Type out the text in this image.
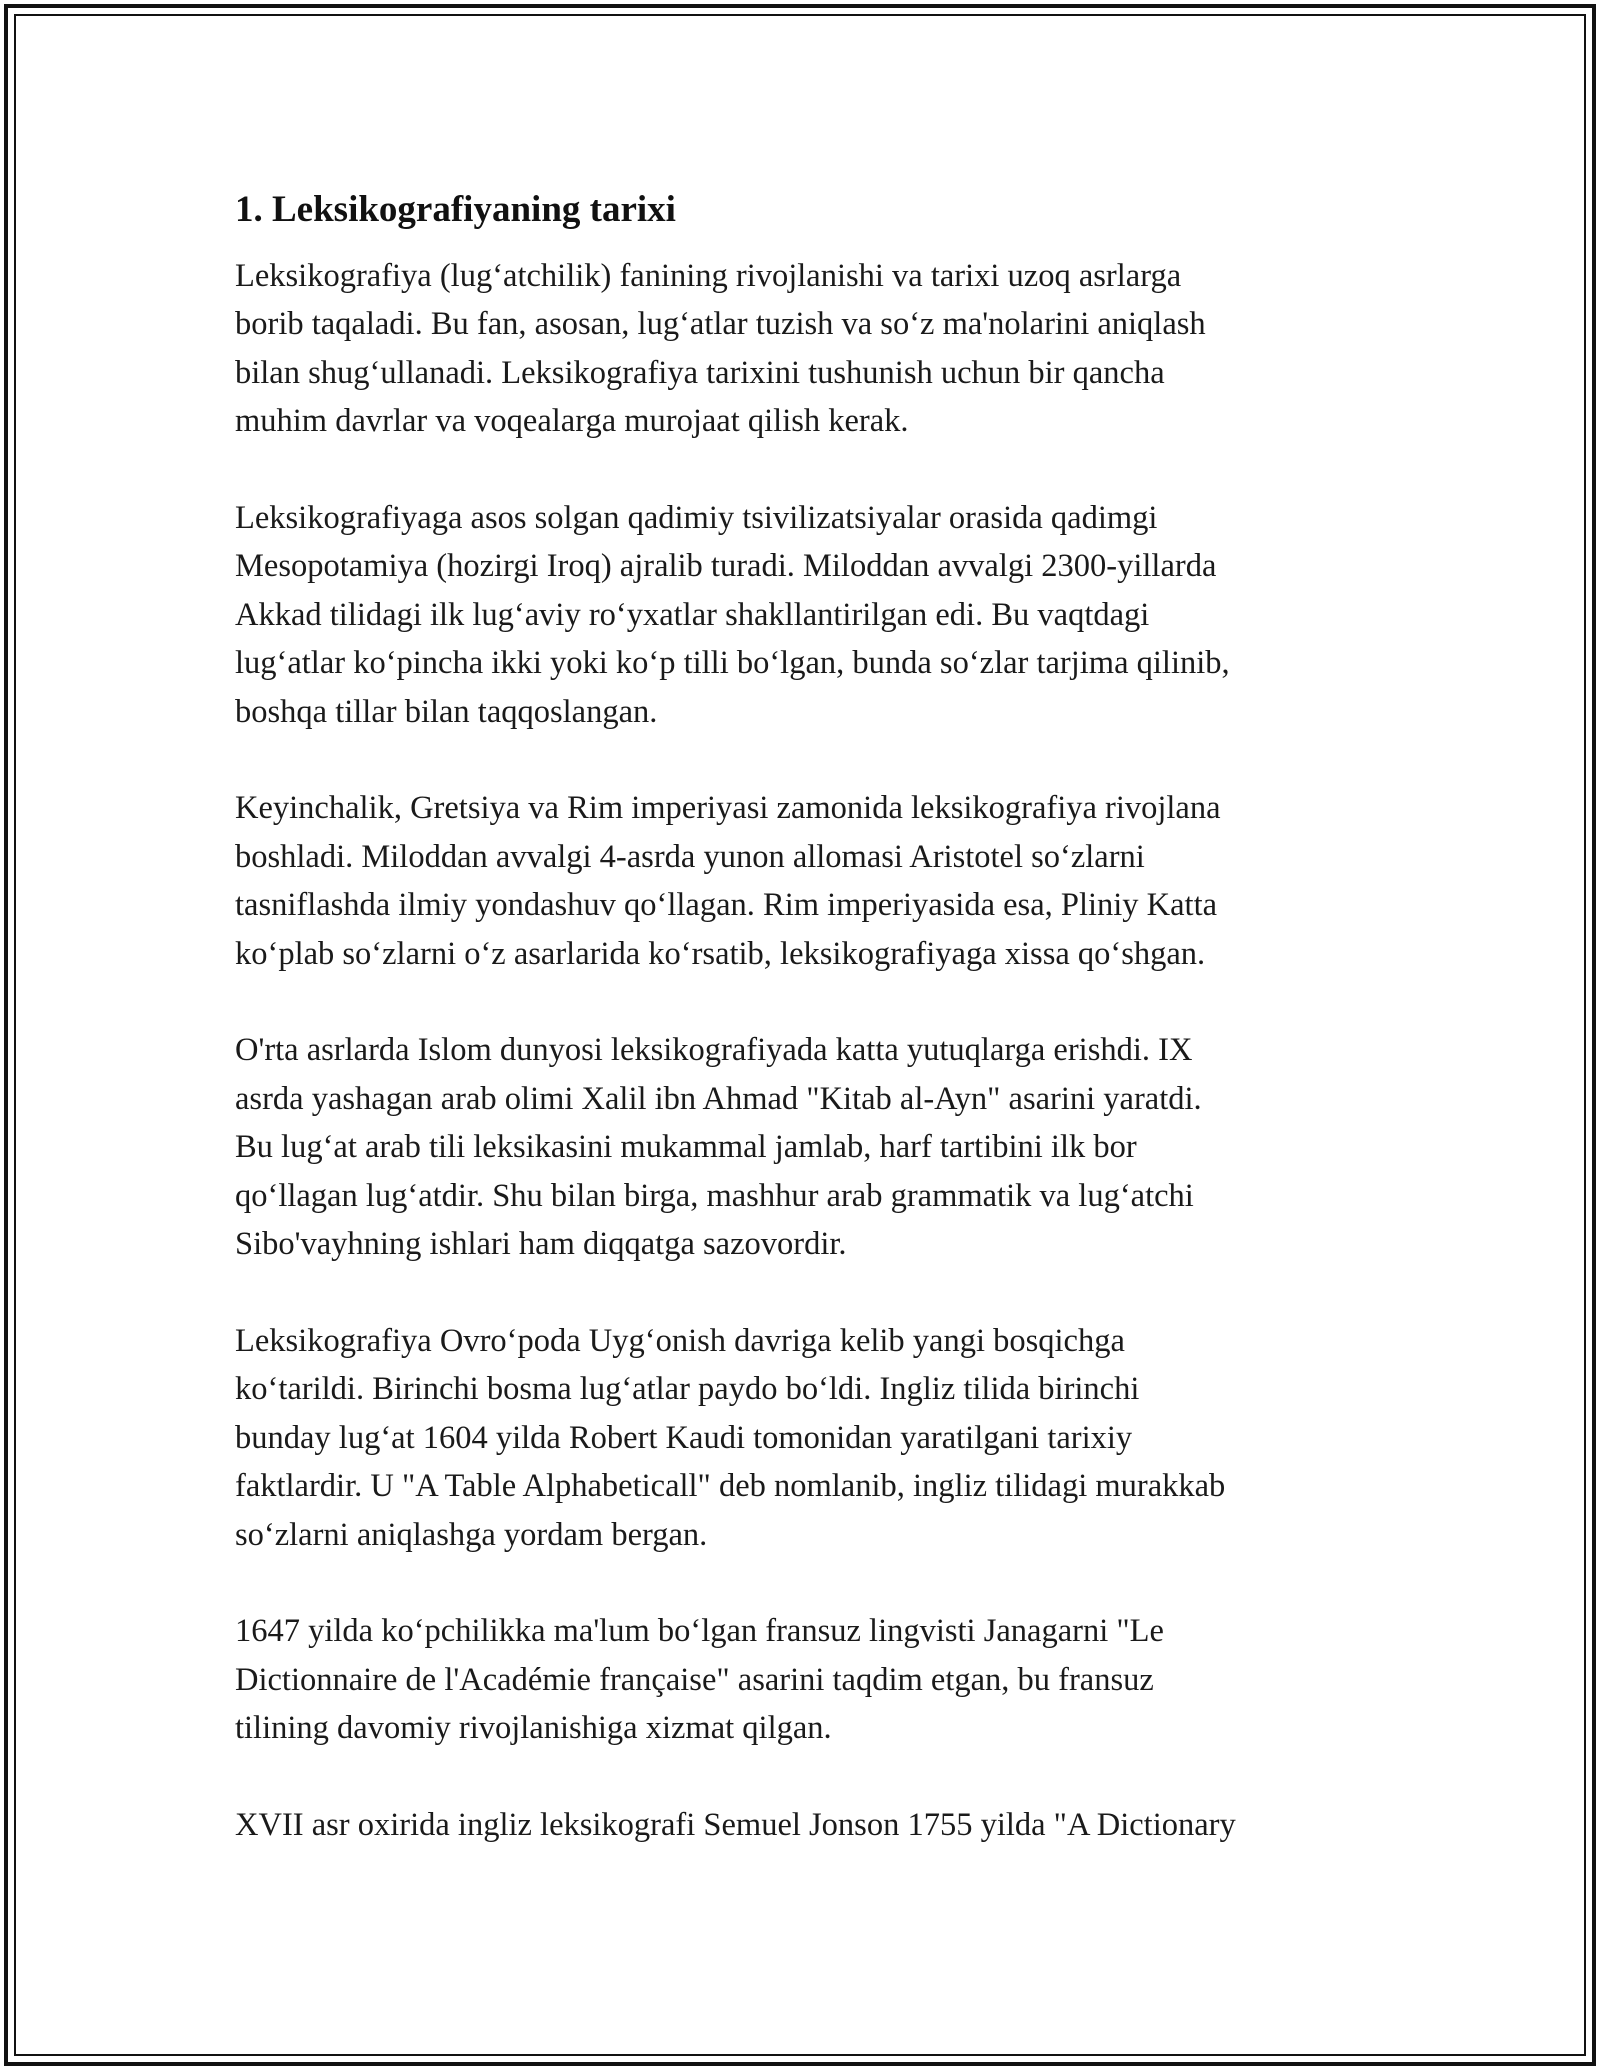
1. Leksikografiyaning tarixi
Leksikografiya (lug‘atchilik) fanining rivojlanishi va tarixi uzoq asrlarga
borib taqaladi. Bu fan, asosan, lug‘atlar tuzish va so‘z ma'nolarini aniqlash
bilan shug‘ullanadi. Leksikografiya tarixini tushunish uchun bir qancha
muhim davrlar va voqealarga murojaat qilish kerak.
Leksikografiyaga asos solgan qadimiy tsivilizatsiyalar orasida qadimgi
Mesopotamiya (hozirgi Iroq) ajralib turadi. Miloddan avvalgi 2300-yillarda
Akkad tilidagi ilk lug‘aviy ro‘yxatlar shakllantirilgan edi. Bu vaqtdagi
lug‘atlar ko‘pincha ikki yoki ko‘p tilli bo‘lgan, bunda so‘zlar tarjima qilinib,
boshqa tillar bilan taqqoslangan.
Keyinchalik, Gretsiya va Rim imperiyasi zamonida leksikografiya rivojlana
boshladi. Miloddan avvalgi 4-asrda yunon allomasi Aristotel so‘zlarni
tasniflashda ilmiy yondashuv qo‘llagan. Rim imperiyasida esa, Pliniy Katta
ko‘plab so‘zlarni o‘z asarlarida ko‘rsatib, leksikografiyaga xissa qo‘shgan.
O'rta asrlarda Islom dunyosi leksikografiyada katta yutuqlarga erishdi. IX
asrda yashagan arab olimi Xalil ibn Ahmad "Kitab al-Ayn" asarini yaratdi.
Bu lug‘at arab tili leksikasini mukammal jamlab, harf tartibini ilk bor
qo‘llagan lug‘atdir. Shu bilan birga, mashhur arab grammatik va lug‘atchi
Sibo'vayhning ishlari ham diqqatga sazovordir.
Leksikografiya Ovro‘poda Uyg‘onish davriga kelib yangi bosqichga
ko‘tarildi. Birinchi bosma lug‘atlar paydo bo‘ldi. Ingliz tilida birinchi
bunday lug‘at 1604 yilda Robert Kaudi tomonidan yaratilgani tarixiy
faktlardir. U "A Table Alphabeticall" deb nomlanib, ingliz tilidagi murakkab
so‘zlarni aniqlashga yordam bergan.
1647 yilda ko‘pchilikka ma'lum bo‘lgan fransuz lingvisti Janagarni "Le
Dictionnaire de l'Académie française" asarini taqdim etgan, bu fransuz
tilining davomiy rivojlanishiga xizmat qilgan.
XVII asr oxirida ingliz leksikografi Semuel Jonson 1755 yilda "A Dictionary
